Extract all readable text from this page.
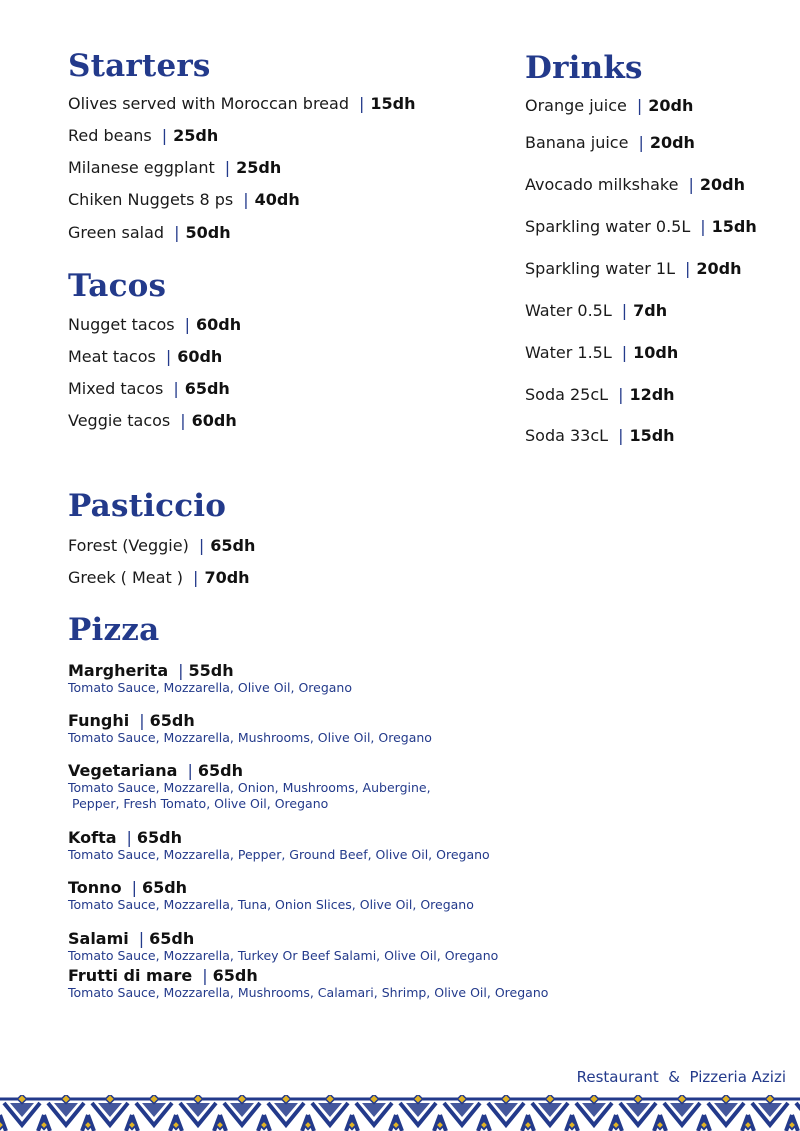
Starters
Olives served with Moroccan bread | 15dh
Red beans | 25dh
Milanese eggplant | 25dh
Chiken Nuggets 8 ps | 40dh
Green salad | 50dh
Tacos
Nugget tacos | 60dh
Meat tacos | 60dh
Mixed tacos | 65dh
Veggie tacos | 60dh
Pasticcio
Forest (Veggie) | 65dh
Greek ( Meat ) | 70dh
Pizza
Margherita | 55dh
Tomato Sauce, Mozzarella, Olive Oil, Oregano
Funghi | 65dh
Tomato Sauce, Mozzarella, Mushrooms, Olive Oil, Oregano
Vegetariana | 65dh
Tomato Sauce, Mozzarella, Onion, Mushrooms, Aubergine,
Pepper, Fresh Tomato, Olive Oil, Oregano
Kofta | 65dh
Tomato Sauce, Mozzarella, Pepper, Ground Beef, Olive Oil, Oregano
Tonno | 65dh
Tomato Sauce, Mozzarella, Tuna, Onion Slices, Olive Oil, Oregano
Salami | 65dh
Tomato Sauce, Mozzarella, Turkey Or Beef Salami, Olive Oil, Oregano
Frutti di mare | 65dh
Tomato Sauce, Mozzarella, Mushrooms, Calamari, Shrimp, Olive Oil, Oregano
Drinks
Orange juice | 20dh
Banana juice | 20dh
Avocado milkshake | 20dh
Sparkling water 0.5L | 15dh
Sparkling water 1L | 20dh
Water 0.5L | 7dh
Water 1.5L | 10dh
Soda 25cL | 12dh
Soda 33cL | 15dh
Restaurant  &  Pizzeria Azizi
